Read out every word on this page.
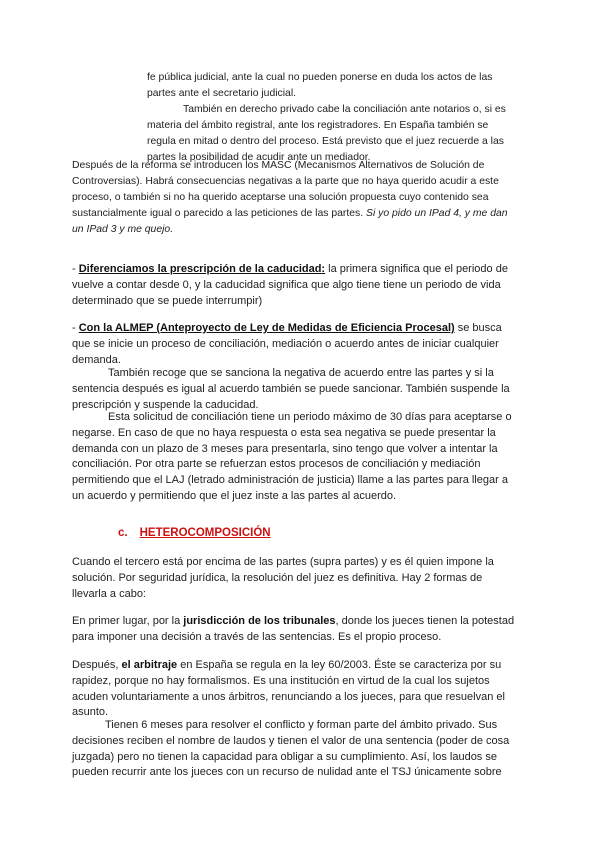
fe pública judicial, ante la cual no pueden ponerse en duda los actos de las

partes ante el secretario judicial.

También en derecho privado cabe la conciliación ante notarios o, si es

materia del ámbito registral, ante los registradores. En España también se

regula en mitad o dentro del proceso. Está previsto que el juez recuerde a las

partes la posibilidad de acudir ante un mediador.

Después de la reforma se introducen los MASC (Mecanismos Alternativos de Solución de Controversias). Habrá consecuencias negativas a la parte que no haya querido acudir a este proceso, o también si no ha querido aceptarse una solución propuesta cuyo contenido sea sustancialmente igual o parecido a las peticiones de las partes. Si yo pido un IPad 4, y me dan un IPad 3 y me quejo.

- Diferenciamos la prescripción de la caducidad: la primera significa que el periodo de vuelve a contar desde 0, y la caducidad significa que algo tiene tiene un periodo de vida determinado que se puede interrumpir)

- Con la ALMEP (Anteproyecto de Ley de Medidas de Eficiencia Procesal) se busca que se inicie un proceso de conciliación, mediación o acuerdo antes de iniciar cualquier demanda.

También recoge que se sanciona la negativa de acuerdo entre las partes y si la sentencia después es igual al acuerdo también se puede sancionar. También suspende la prescripción y suspende la caducidad.

Esta solicitud de conciliación tiene un periodo máximo de 30 días para aceptarse o negarse. En caso de que no haya respuesta o esta sea negativa se puede presentar la demanda con un plazo de 3 meses para presentarla, sino tengo que volver a intentar la conciliación. Por otra parte se refuerzan estos procesos de conciliación y mediación permitiendo que el LAJ (letrado administración de justicia) llame a las partes para llegar a un acuerdo y permitiendo que el juez inste a las partes al acuerdo.

c. HETEROCOMPOSICIÓN

Cuando el tercero está por encima de las partes (supra partes) y es él quien impone la solución. Por seguridad jurídica, la resolución del juez es definitiva. Hay 2 formas de llevarla a cabo:

En primer lugar, por la jurisdicción de los tribunales, donde los jueces tienen la potestad para imponer una decisión a través de las sentencias. Es el propio proceso.

Después, el arbitraje en España se regula en la ley 60/2003. Éste se caracteriza por su rapidez, porque no hay formalismos. Es una institución en virtud de la cual los sujetos acuden voluntariamente a unos árbitros, renunciando a los jueces, para que resuelvan el asunto.

Tienen 6 meses para resolver el conflicto y forman parte del ámbito privado. Sus decisiones reciben el nombre de laudos y tienen el valor de una sentencia (poder de cosa juzgada) pero no tienen la capacidad para obligar a su cumplimiento. Así, los laudos se pueden recurrir ante los jueces con un recurso de nulidad ante el TSJ únicamente sobre
